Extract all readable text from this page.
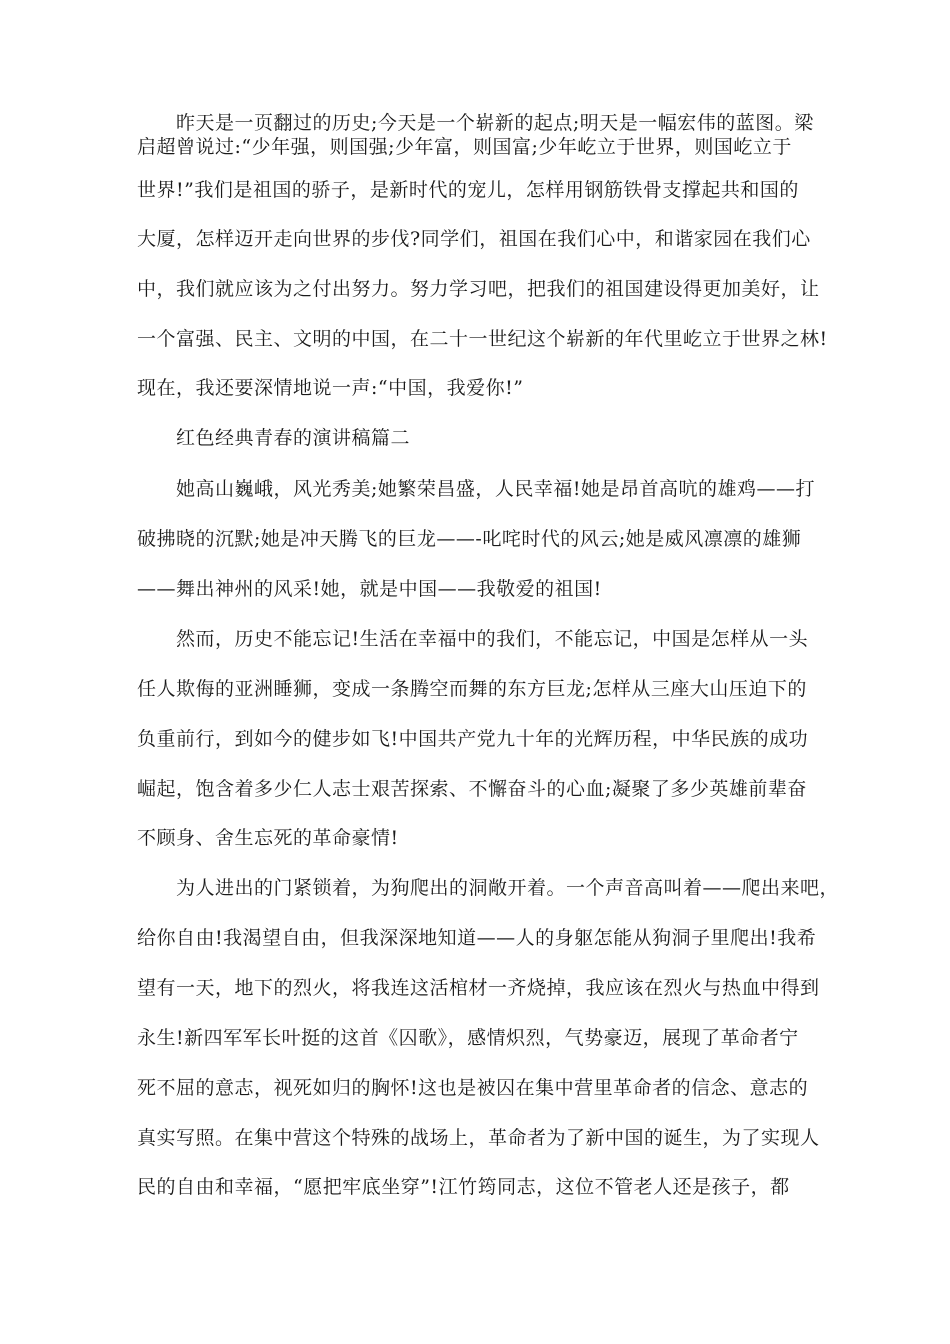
昨天是一页翻过的历史;今天是一个崭新的起点;明天是一幅宏伟的蓝图。梁
启超曾说过:“少年强，则国强;少年富，则国富;少年屹立于世界，则国屹立于
世界!”我们是祖国的骄子，是新时代的宠儿，怎样用钢筋铁骨支撑起共和国的
大厦，怎样迈开走向世界的步伐?同学们，祖国在我们心中，和谐家园在我们心
中，我们就应该为之付出努力。努力学习吧，把我们的祖国建设得更加美好，让
一个富强、民主、文明的中国，在二十一世纪这个崭新的年代里屹立于世界之林!
现在，我还要深情地说一声:“中国，我爱你!”
红色经典青春的演讲稿篇二
她高山巍峨，风光秀美;她繁荣昌盛，人民幸福!她是昂首高吭的雄鸡——打
破拂晓的沉默;她是冲天腾飞的巨龙——-叱咤时代的风云;她是威风凛凛的雄狮
——舞出神州的风采!她，就是中国——我敬爱的祖国!
然而，历史不能忘记!生活在幸福中的我们，不能忘记，中国是怎样从一头
任人欺侮的亚洲睡狮，变成一条腾空而舞的东方巨龙;怎样从三座大山压迫下的
负重前行，到如今的健步如飞!中国共产党九十年的光辉历程，中华民族的成功
崛起，饱含着多少仁人志士艰苦探索、不懈奋斗的心血;凝聚了多少英雄前辈奋
不顾身、舍生忘死的革命豪情!
为人进出的门紧锁着，为狗爬出的洞敞开着。一个声音高叫着——爬出来吧，
给你自由!我渴望自由，但我深深地知道——人的身躯怎能从狗洞子里爬出!我希
望有一天，地下的烈火，将我连这活棺材一齐烧掉，我应该在烈火与热血中得到
永生!新四军军长叶挺的这首《囚歌》，感情炽烈，气势豪迈，展现了革命者宁
死不屈的意志，视死如归的胸怀!这也是被囚在集中营里革命者的信念、意志的
真实写照。在集中营这个特殊的战场上，革命者为了新中国的诞生，为了实现人
民的自由和幸福，“愿把牢底坐穿”!江竹筠同志，这位不管老人还是孩子，都
